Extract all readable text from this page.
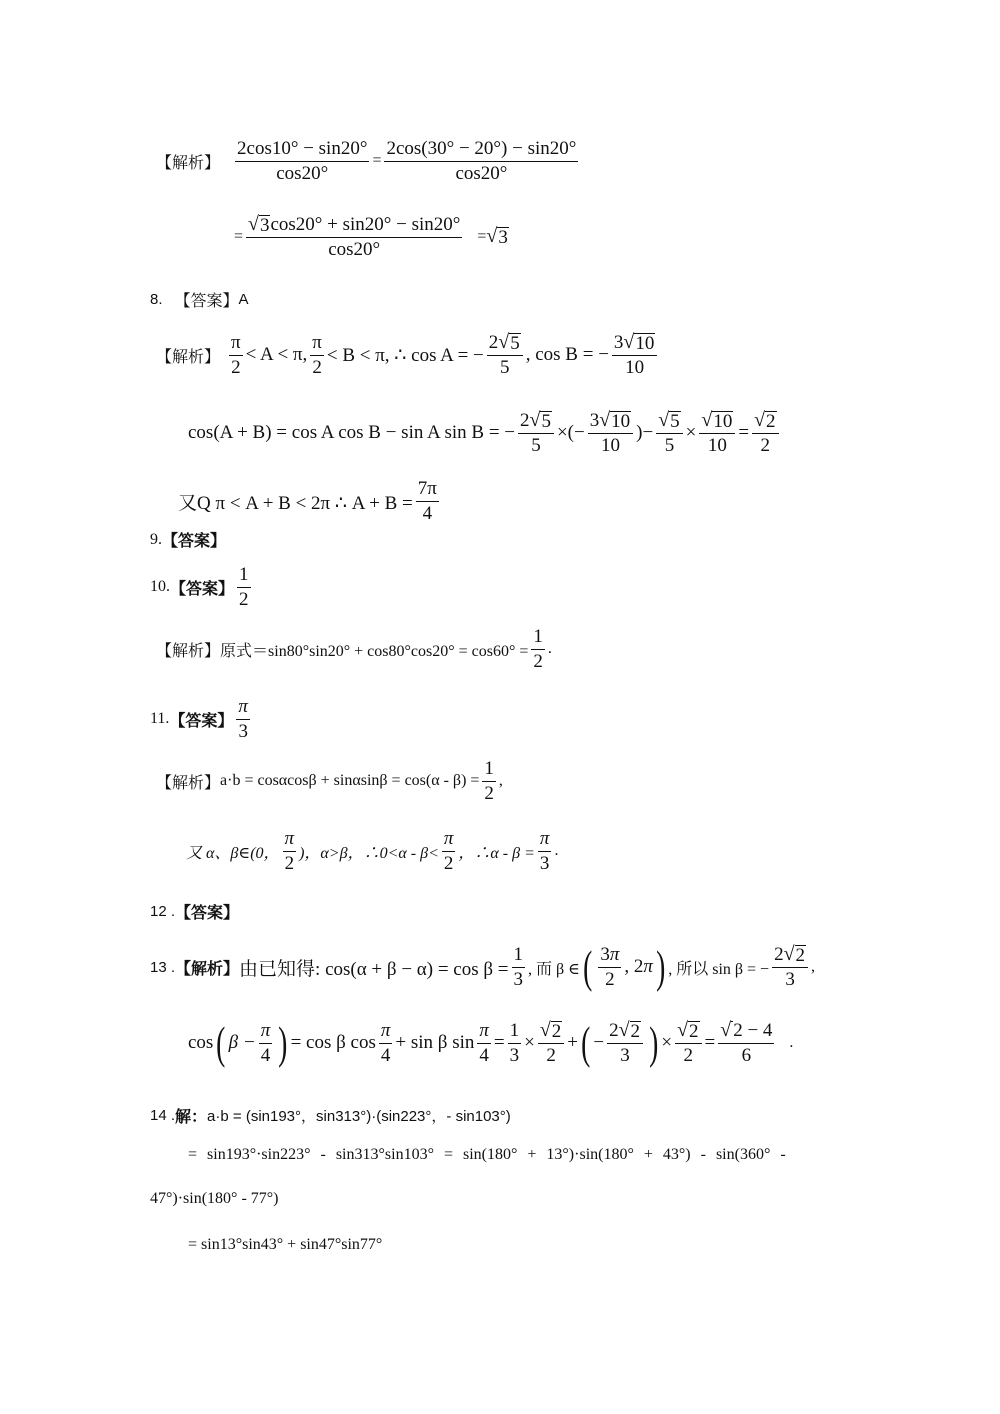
【解析】 $\frac{2\cos 10^\circ - \sin 20^\circ}{\cos 20^\circ} = \frac{2\cos(30^\circ - 20^\circ) - \sin 20^\circ}{\cos 20^\circ}$
= $\frac{√ 3 \cos 20^\circ + \sin 20^\circ - \sin 20^\circ}{\cos 20^\circ}$ = √ 3
8. 【答案】 A
【解析】 $\frac{\pi}{2} < A < \pi$, $\frac{\pi}{2} < B < \pi$, ∴ cos A = − $\frac{2 √ 5}{5}$ , cos B = − $\frac{3 √ 10}{10}$
cos(A + B) = cos A cos B − sin A sin B = − $\frac{2 √ 5}{5}$ ×(− $\frac{3 √ 10}{10}$ )− $\frac{√ 5}{5} \times \frac{√ 10}{10} = \frac{√ 2}{2}$
又Q π < A + B < 2π ∴ $A + B = \frac{7\pi}{4}$
9. 【答案】
10. 【答案】 $\frac{1}{2}$
【解析】 原式$=\sin 80^\circ\sin 20^\circ + \cos 80^\circ\cos 20^\circ = \cos 60^\circ = \frac{1}{2}$ .
11. 【答案】 $\frac{\pi}{3}$
【解析】 $a\cdot b = \cos\alpha\cos\beta + \sin\alpha\sin\beta = \cos(\alpha - \beta) = \frac{1}{2}$ ,
又 α、β∈(0， $\frac{\pi}{2}$ )，α>β，∴0<α - $\beta< \frac{\pi}{2}$ ，∴α - $\beta = \frac{\pi}{3}$ .
12 . 【答案】
13 . 【解析】 由已知得: $\cos(\alpha + \beta - \alpha) = \cos \beta = \frac{1}{3}$ , 而 β ∈ ( $\frac{3\pi}{2}$ , 2π ) , 所以 sin β = − $\frac{2 √ 2}{3}$ ,
cos ( $\beta - \frac{\pi}{4}$ ) = cos β $\cos \frac{\pi}{4} + \sin \beta$ $\sin \frac{\pi}{4} = \frac{1}{3} \times \frac{√ 2}{2}$ + ( − $\frac{2 √ 2}{3}$ ) × $\frac{√ 2}{2} = \frac{√ 2 - 4}{6}$ .
14 . 解： a·b = (sin193°，sin313°)·(sin223°，- sin103°)
= sin193°·sin223° - sin313°sin103° = sin(180° + 13°)·sin(180° + 43°) - sin(360° -
47°)·sin(180° - 77°)
= sin13°sin43° + sin47°sin77°
